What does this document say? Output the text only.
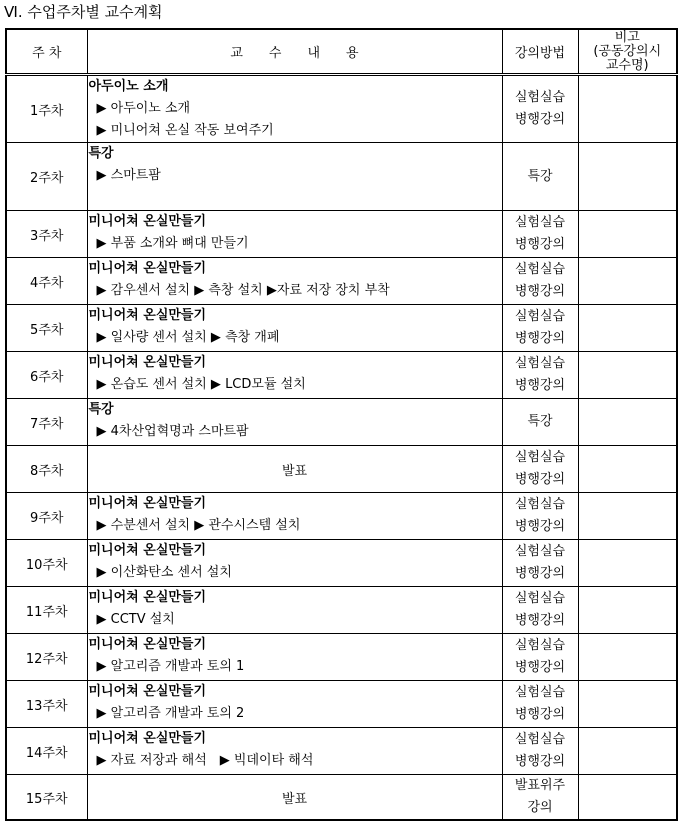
Ⅵ. 수업주차별 교수계획
주 차	교　　수　　내　　용	강의방법	
비고
(공동강의시
교수명)

1주차	
아두이노 소개
▶ 아두이노 소개
▶ 미니어쳐 온실 작동 보여주기

실험실습
병행강의

2주차	
특강
▶ 스마트팜	특강

3주차	
미니어쳐 온실만들기
▶ 부품 소개와 뼈대 만들기

실험실습
병행강의

4주차	
미니어쳐 온실만들기
▶ 감우센서 설치 ▶ 측창 설치 ▶자료 저장 장치 부착

실험실습
병행강의

5주차	
미니어쳐 온실만들기
▶ 일사량 센서 설치 ▶ 측창 개폐

실험실습
병행강의

6주차	
미니어쳐 온실만들기
▶ 온습도 센서 설치 ▶ LCD모듈 설치

실험실습
병행강의

7주차	
특강
▶ 4차산업혁명과 스마트팜

특강

8주차	발표	
실험실습
병행강의

9주차	
미니어쳐 온실만들기
▶ 수분센서 설치 ▶ 관수시스템 설치

실험실습
병행강의

10주차	
미니어쳐 온실만들기
▶ 이산화탄소 센서 설치

실험실습
병행강의

11주차	
미니어쳐 온실만들기
▶ CCTV 설치

실험실습
병행강의

12주차	
미니어쳐 온실만들기
▶ 알고리즘 개발과 토의 1

실험실습
병행강의

13주차	
미니어쳐 온실만들기
▶ 알고리즘 개발과 토의 2

실험실습
병행강의

14주차	
미니어쳐 온실만들기
▶ 자료 저장과 해석　▶ 빅데이타 해석

실험실습
병행강의

15주차	발표	
발표위주
강의
